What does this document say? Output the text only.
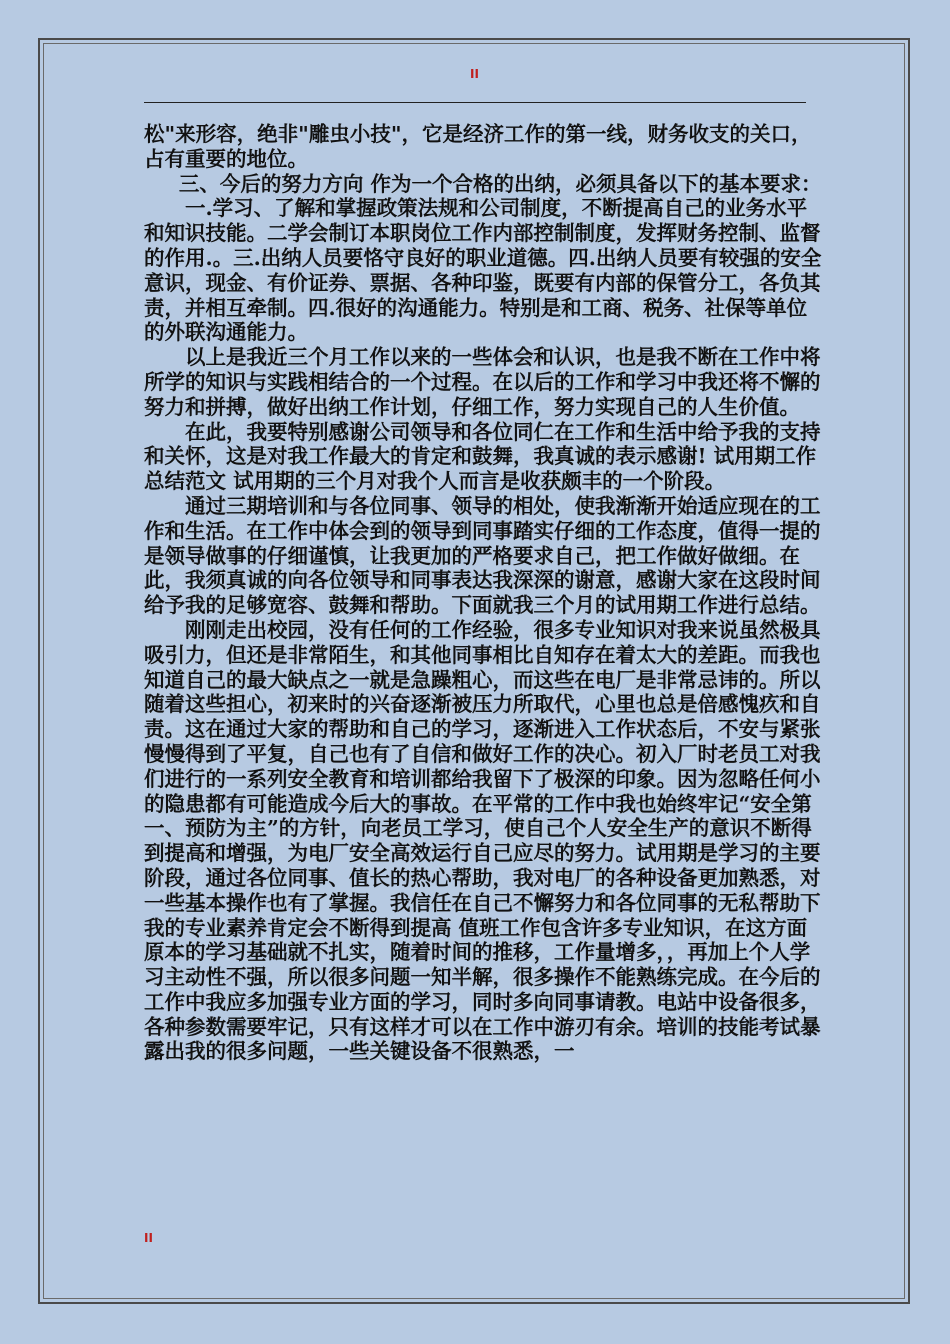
II

松"来形容，绝非"雕虫小技"，它是经济工作的第一线，财务收支的关口，占有重要的地位。

三、今后的努力方向 作为一个合格的出纳，必须具备以下的基本要求：

一.学习、了解和掌握政策法规和公司制度，不断提高自己的业务水平和知识技能。二学会制订本职岗位工作内部控制制度，发挥财务控制、监督的作用.。三.出纳人员要恪守良好的职业道德。四.出纳人员要有较强的安全意识，现金、有价证券、票据、各种印鉴，既要有内部的保管分工，各负其责，并相互牵制。四.很好的沟通能力。特别是和工商、税务、社保等单位的外联沟通能力。

以上是我近三个月工作以来的一些体会和认识，也是我不断在工作中将所学的知识与实践相结合的一个过程。在以后的工作和学习中我还将不懈的努力和拼搏，做好出纳工作计划，仔细工作，努力实现自己的人生价值。

在此，我要特别感谢公司领导和各位同仁在工作和生活中给予我的支持和关怀，这是对我工作最大的肯定和鼓舞，我真诚的表示感谢! 试用期工作总结范文 试用期的三个月对我个人而言是收获颇丰的一个阶段。

通过三期培训和与各位同事、领导的相处，使我渐渐开始适应现在的工作和生活。在工作中体会到的领导到同事踏实仔细的工作态度，值得一提的是领导做事的仔细谨慎，让我更加的严格要求自己，把工作做好做细。在此，我须真诚的向各位领导和同事表达我深深的谢意，感谢大家在这段时间给予我的足够宽容、鼓舞和帮助。下面就我三个月的试用期工作进行总结。

刚刚走出校园，没有任何的工作经验，很多专业知识对我来说虽然极具吸引力，但还是非常陌生，和其他同事相比自知存在着太大的差距。而我也知道自己的最大缺点之一就是急躁粗心，而这些在电厂是非常忌讳的。所以随着这些担心，初来时的兴奋逐渐被压力所取代，心里也总是倍感愧疚和自责。这在通过大家的帮助和自己的学习，逐渐进入工作状态后，不安与紧张慢慢得到了平复，自己也有了自信和做好工作的决心。初入厂时老员工对我们进行的一系列安全教育和培训都给我留下了极深的印象。因为忽略任何小的隐患都有可能造成今后大的事故。在平常的工作中我也始终牢记“安全第一、预防为主”的方针，向老员工学习，使自己个人安全生产的意识不断得到提高和增强，为电厂安全高效运行自己应尽的努力。试用期是学习的主要阶段，通过各位同事、值长的热心帮助，我对电厂的各种设备更加熟悉，对一些基本操作也有了掌握。我信任在自己不懈努力和各位同事的无私帮助下我的专业素养肯定会不断得到提高 值班工作包含许多专业知识，在这方面原本的学习基础就不扎实，随着时间的推移，工作量增多，，再加上个人学习主动性不强，所以很多问题一知半解，很多操作不能熟练完成。在今后的工作中我应多加强专业方面的学习，同时多向同事请教。电站中设备很多，各种参数需要牢记，只有这样才可以在工作中游刃有余。培训的技能考试暴露出我的很多问题，一些关键设备不很熟悉，一

II
